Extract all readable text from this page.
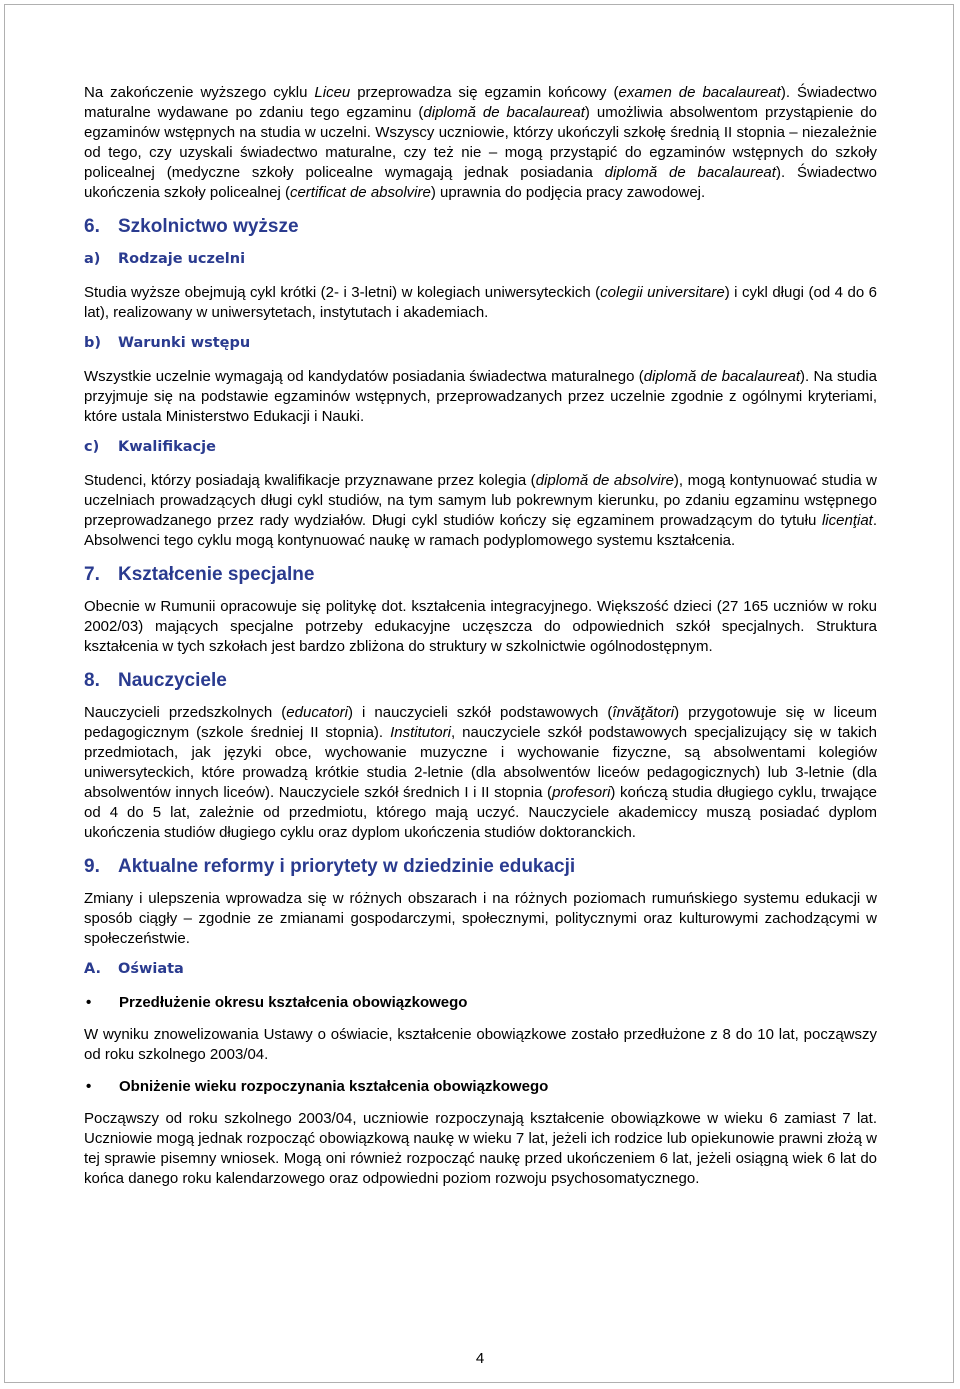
Na zakończenie wyższego cyklu Liceu przeprowadza się egzamin końcowy (examen de bacalaureat). Świadectwo maturalne wydawane po zdaniu tego egzaminu (diplomă de bacalaureat) umożliwia absolwentom przystąpienie do egzaminów wstępnych na studia w uczelni. Wszyscy uczniowie, którzy ukończyli szkołę średnią II stopnia – niezależnie od tego, czy uzyskali świadectwo maturalne, czy też nie – mogą przystąpić do egzaminów wstępnych do szkoły policealnej (medyczne szkoły policealne wymagają jednak posiadania diplomă de bacalaureat). Świadectwo ukończenia szkoły policealnej (certificat de absolvire) uprawnia do podjęcia pracy zawodowej.

6. Szkolnictwo wyższe
a) Rodzaje uczelni

Studia wyższe obejmują cykl krótki (2- i 3-letni) w kolegiach uniwersyteckich (colegii universitare) i cykl długi (od 4 do 6 lat), realizowany w uniwersytetach, instytutach i akademiach.

b) Warunki wstępu

Wszystkie uczelnie wymagają od kandydatów posiadania świadectwa maturalnego (diplomă de bacalaureat). Na studia przyjmuje się na podstawie egzaminów wstępnych, przeprowadzanych przez uczelnie zgodnie z ogólnymi kryteriami, które ustala Ministerstwo Edukacji i Nauki.

c) Kwalifikacje

Studenci, którzy posiadają kwalifikacje przyznawane przez kolegia (diplomă de absolvire), mogą kontynuować studia w uczelniach prowadzących długi cykl studiów, na tym samym lub pokrewnym kierunku, po zdaniu egzaminu wstępnego przeprowadzanego przez rady wydziałów. Długi cykl studiów kończy się egzaminem prowadzącym do tytułu licenţiat. Absolwenci tego cyklu mogą kontynuować naukę w ramach podyplomowego systemu kształcenia.

7. Kształcenie specjalne

Obecnie w Rumunii opracowuje się politykę dot. kształcenia integracyjnego. Większość dzieci (27 165 uczniów w roku 2002/03) mających specjalne potrzeby edukacyjne uczęszcza do odpowiednich szkół specjalnych. Struktura kształcenia w tych szkołach jest bardzo zbliżona do struktury w szkolnictwie ogólnodostępnym.

8. Nauczyciele

Nauczycieli przedszkolnych (educatori) i nauczycieli szkół podstawowych (învăţători) przygotowuje się w liceum pedagogicznym (szkole średniej II stopnia). Institutori, nauczyciele szkół podstawowych specjalizujący się w takich przedmiotach, jak języki obce, wychowanie muzyczne i wychowanie fizyczne, są absolwentami kolegiów uniwersyteckich, które prowadzą krótkie studia 2-letnie (dla absolwentów liceów pedagogicznych) lub 3-letnie (dla absolwentów innych liceów). Nauczyciele szkół średnich I i II stopnia (profesori) kończą studia długiego cyklu, trwające od 4 do 5 lat, zależnie od przedmiotu, którego mają uczyć. Nauczyciele akademiccy muszą posiadać dyplom ukończenia studiów długiego cyklu oraz dyplom ukończenia studiów doktoranckich.

9. Aktualne reformy i priorytety w dziedzinie edukacji

Zmiany i ulepszenia wprowadza się w różnych obszarach i na różnych poziomach rumuńskiego systemu edukacji w sposób ciągły – zgodnie ze zmianami gospodarczymi, społecznymi, politycznymi oraz kulturowymi zachodzącymi w społeczeństwie.

A. Oświata
• Przedłużenie okresu kształcenia obowiązkowego

W wyniku znowelizowania Ustawy o oświacie, kształcenie obowiązkowe zostało przedłużone z 8 do 10 lat, począwszy od roku szkolnego 2003/04.

• Obniżenie wieku rozpoczynania kształcenia obowiązkowego

Począwszy od roku szkolnego 2003/04, uczniowie rozpoczynają kształcenie obowiązkowe w wieku 6 zamiast 7 lat. Uczniowie mogą jednak rozpocząć obowiązkową naukę w wieku 7 lat, jeżeli ich rodzice lub opiekunowie prawni złożą w tej sprawie pisemny wniosek. Mogą oni również rozpocząć naukę przed ukończeniem 6 lat, jeżeli osiągną wiek 6 lat do końca danego roku kalendarzowego oraz odpowiedni poziom rozwoju psychosomatycznego.

4
